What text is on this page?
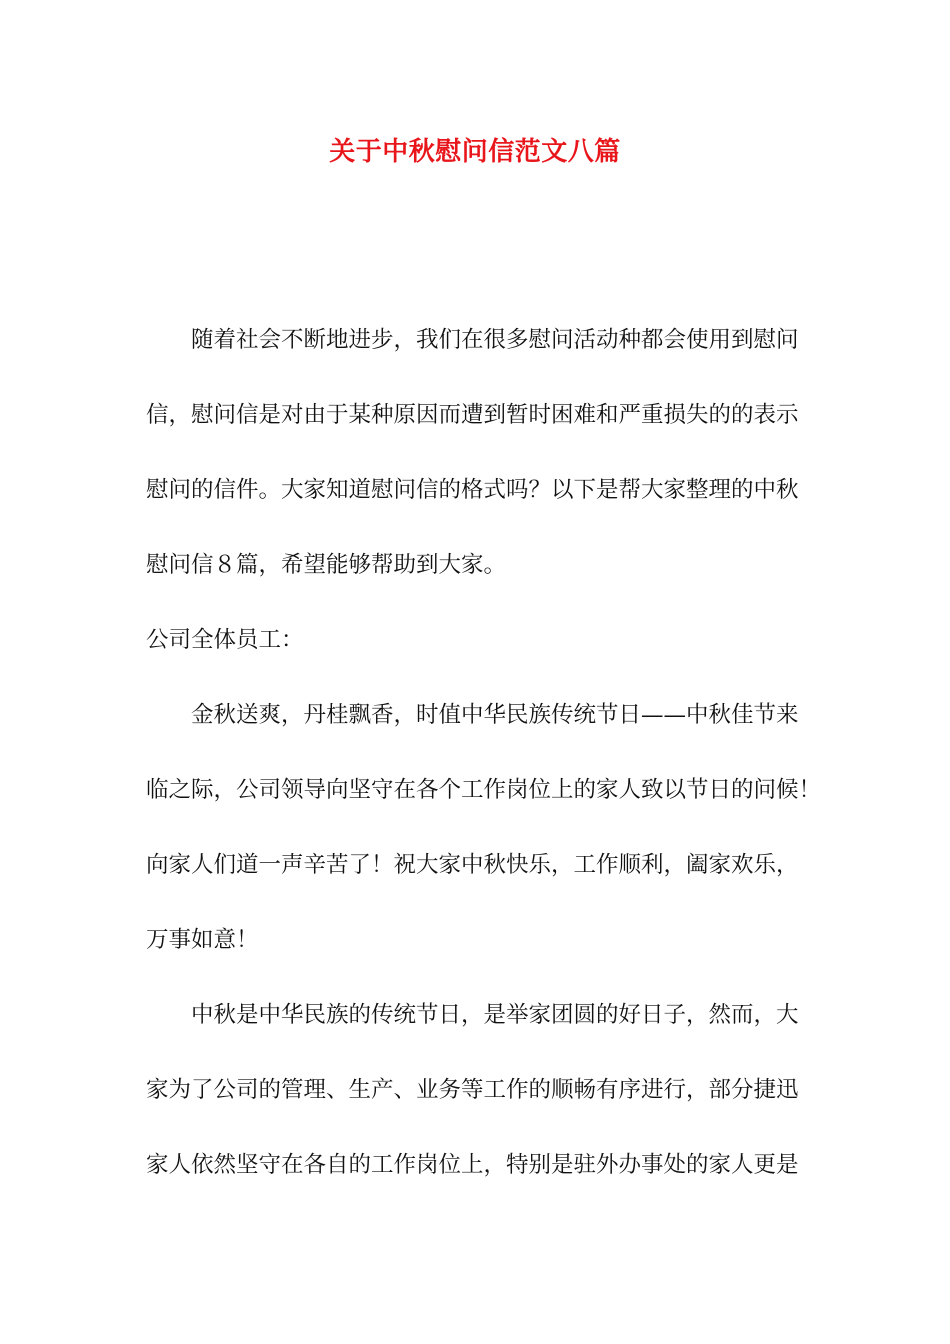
关于中秋慰问信范文八篇
随着社会不断地进步，我们在很多慰问活动种都会使用到慰问
信，慰问信是对由于某种原因而遭到暂时困难和严重损失的的表示
慰问的信件。大家知道慰问信的格式吗？以下是帮大家整理的中秋
慰问信８篇，希望能够帮助到大家。
公司全体员工：
金秋送爽，丹桂飘香，时值中华民族传统节日——中秋佳节来
临之际，公司领导向坚守在各个工作岗位上的家人致以节日的问候！
向家人们道一声辛苦了！祝大家中秋快乐，工作顺利，阖家欢乐，
万事如意！
中秋是中华民族的传统节日，是举家团圆的好日子，然而，大
家为了公司的管理、生产、业务等工作的顺畅有序进行，部分捷迅
家人依然坚守在各自的工作岗位上，特别是驻外办事处的家人更是
